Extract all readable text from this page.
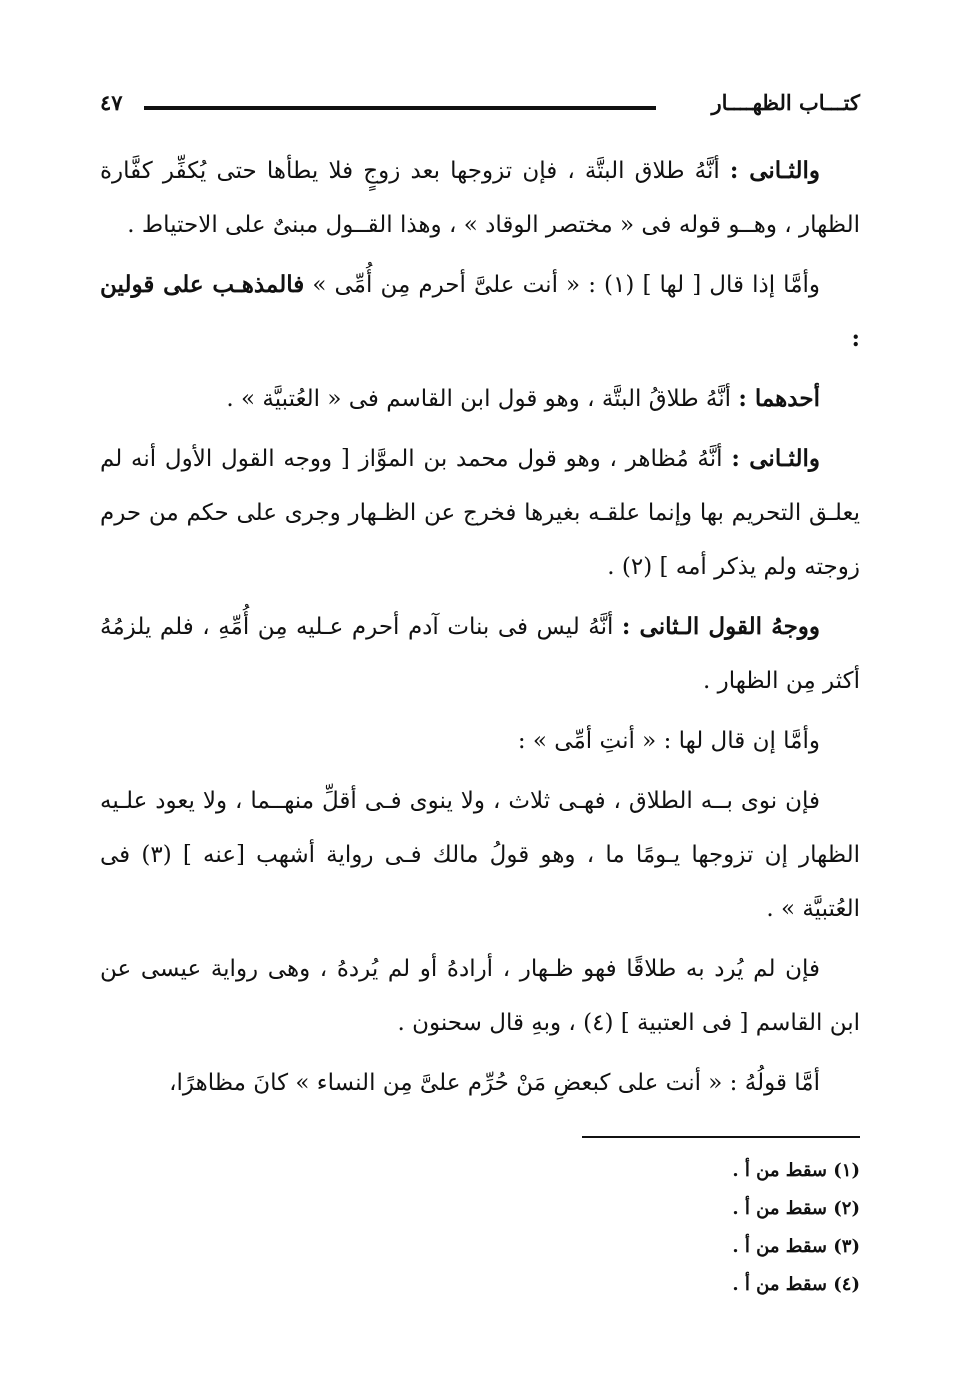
كتـــاب الظهــــار
٤٧

والثـانى : أنَّهُ طلاق البتَّة ، فإن تزوجها بعد زوجٍ فلا يطأها حتى يُكفِّر كفَّارة الظهار ، وهــو قوله فى « مختصر الوقاد » ، وهذا القــول مبنىٌ على الاحتياط .

وأمَّا إذا قال [ لها ] (١) : « أنت علىَّ أحرم مِن أُمِّى » فالمذهـب على قولين :

أحدهما : أنَّهُ طلاقُ البتَّة ، وهو قول ابن القاسم فى « العُتبيَّة » .

والثـانى : أنَّهُ مُظاهر ، وهو قول محمد بن الموَّاز [ ووجه القول الأول أنه لم يعلـق التحريم بها وإنما علقـه بغيرها فخرج عن الظـهار وجرى على حكم من حرم زوجته ولم يذكر أمه ] (٢) .

ووجهُ القول الـثانى : أنَّهُ ليس فى بنات آدم أحرم عـليه مِن أُمِّهِ ، فلم يلزمُهُ أكثر مِن الظهار .

وأمَّا إن قال لها : « أنتِ أمِّى » :

فإن نوى بــه الطلاق ، فهـى ثلاث ، ولا ينوى فـى أقلِّ منهــما ، ولا يعود علـيه الظهار إن تزوجها يـومًا ما ، وهو قولُ مالك فـى رواية أشهب [عنه ] (٣) فى العُتبيَّة » .

فإن لم يُرد به طلاقًا فهو ظـهار ، أرادهُ أو لم يُردهُ ، وهى رواية عيسى عن ابن القاسم [ فى العتبية ] (٤) ، وبهِ قال سحنون .

أمَّا قولُهُ : « أنت على كبعضِ مَنْ حُرِّم علىَّ مِن النساء » كانَ مظاهرًا،

(١) سقط من أ .
(٢) سقط من أ .
(٣) سقط من أ .
(٤) سقط من أ .
